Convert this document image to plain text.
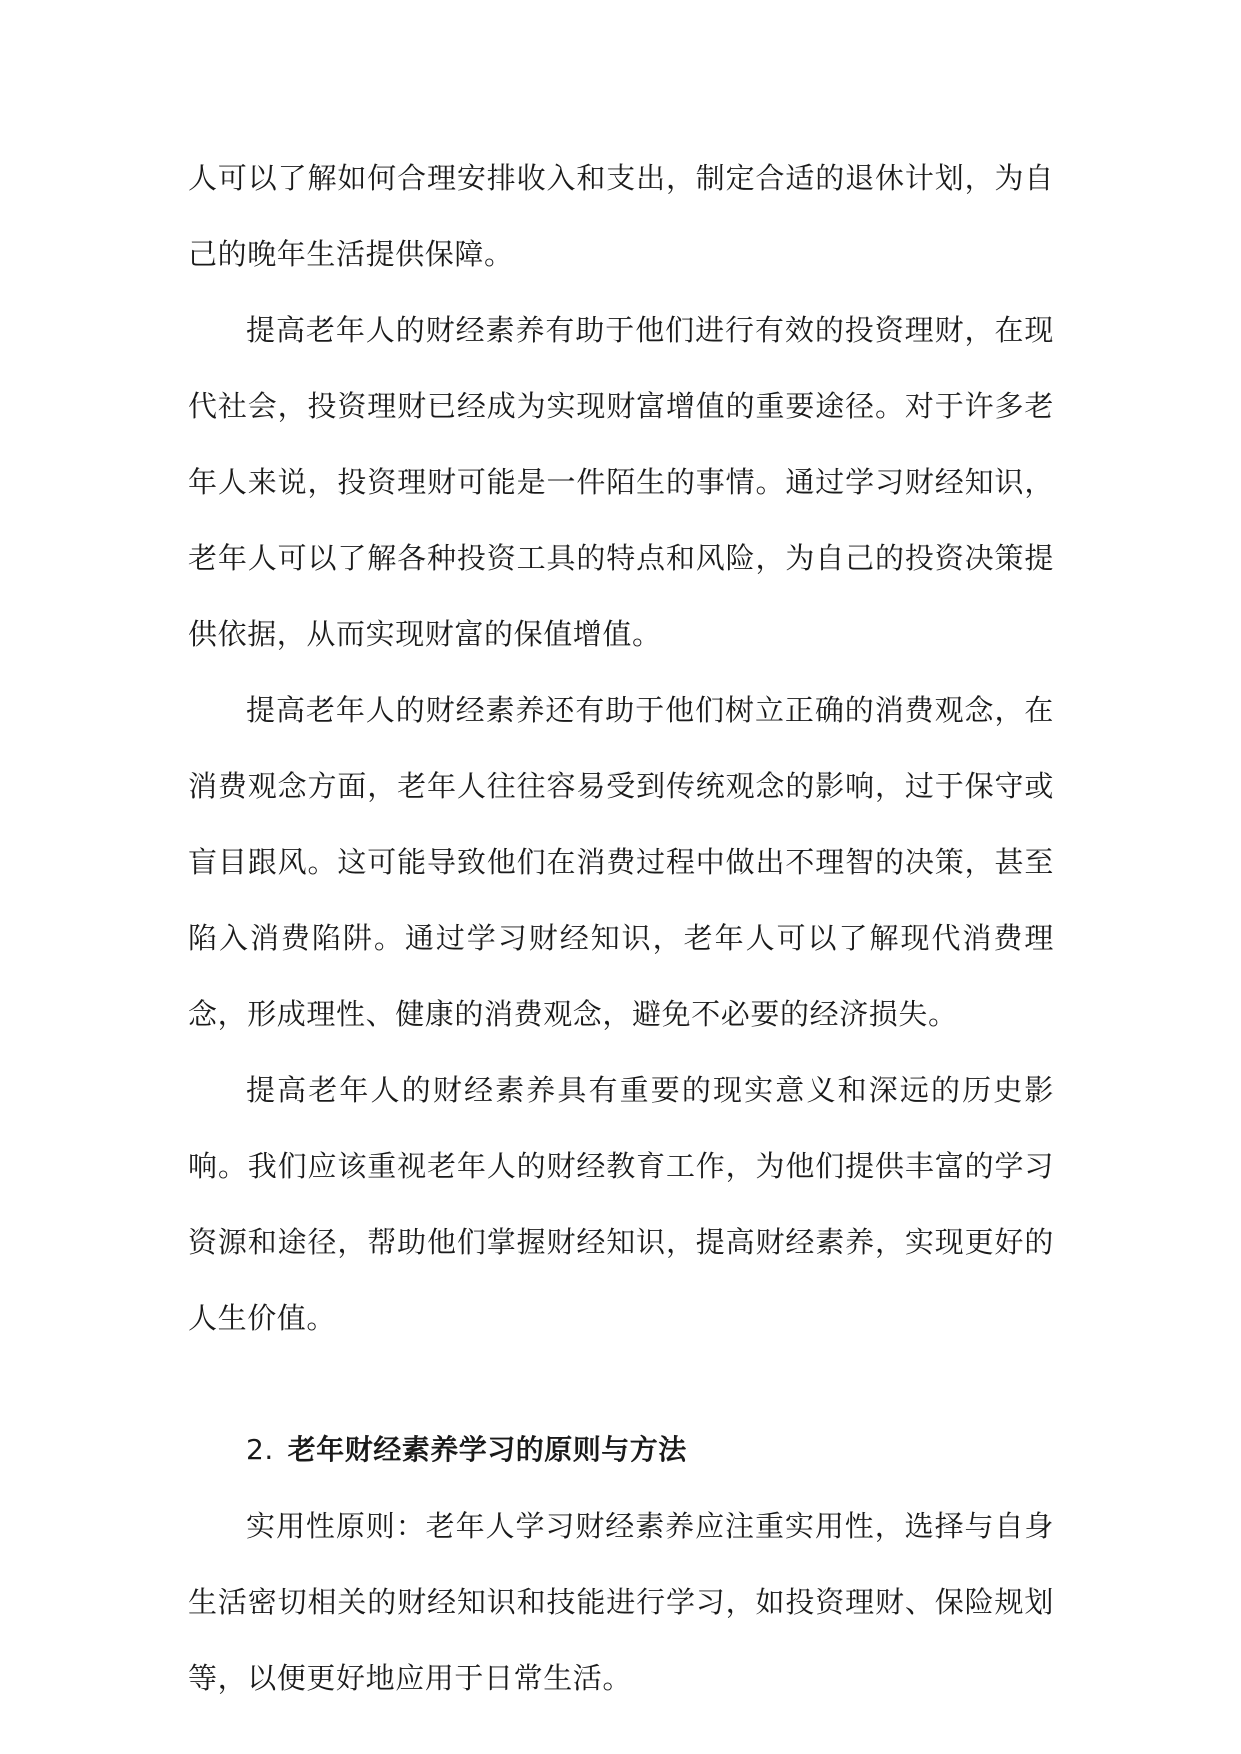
人可以了解如何合理安排收入和支出，制定合适的退休计划，为自己的晚年生活提供保障。

提高老年人的财经素养有助于他们进行有效的投资理财，在现代社会，投资理财已经成为实现财富增值的重要途径。对于许多老年人来说，投资理财可能是一件陌生的事情。通过学习财经知识，老年人可以了解各种投资工具的特点和风险，为自己的投资决策提供依据，从而实现财富的保值增值。

提高老年人的财经素养还有助于他们树立正确的消费观念，在消费观念方面，老年人往往容易受到传统观念的影响，过于保守或盲目跟风。这可能导致他们在消费过程中做出不理智的决策，甚至陷入消费陷阱。通过学习财经知识，老年人可以了解现代消费理念，形成理性、健康的消费观念，避免不必要的经济损失。

提高老年人的财经素养具有重要的现实意义和深远的历史影响。我们应该重视老年人的财经教育工作，为他们提供丰富的学习资源和途径，帮助他们掌握财经知识，提高财经素养，实现更好的人生价值。

2. 老年财经素养学习的原则与方法

实用性原则：老年人学习财经素养应注重实用性，选择与自身生活密切相关的财经知识和技能进行学习，如投资理财、保险规划等，以便更好地应用于日常生活。
